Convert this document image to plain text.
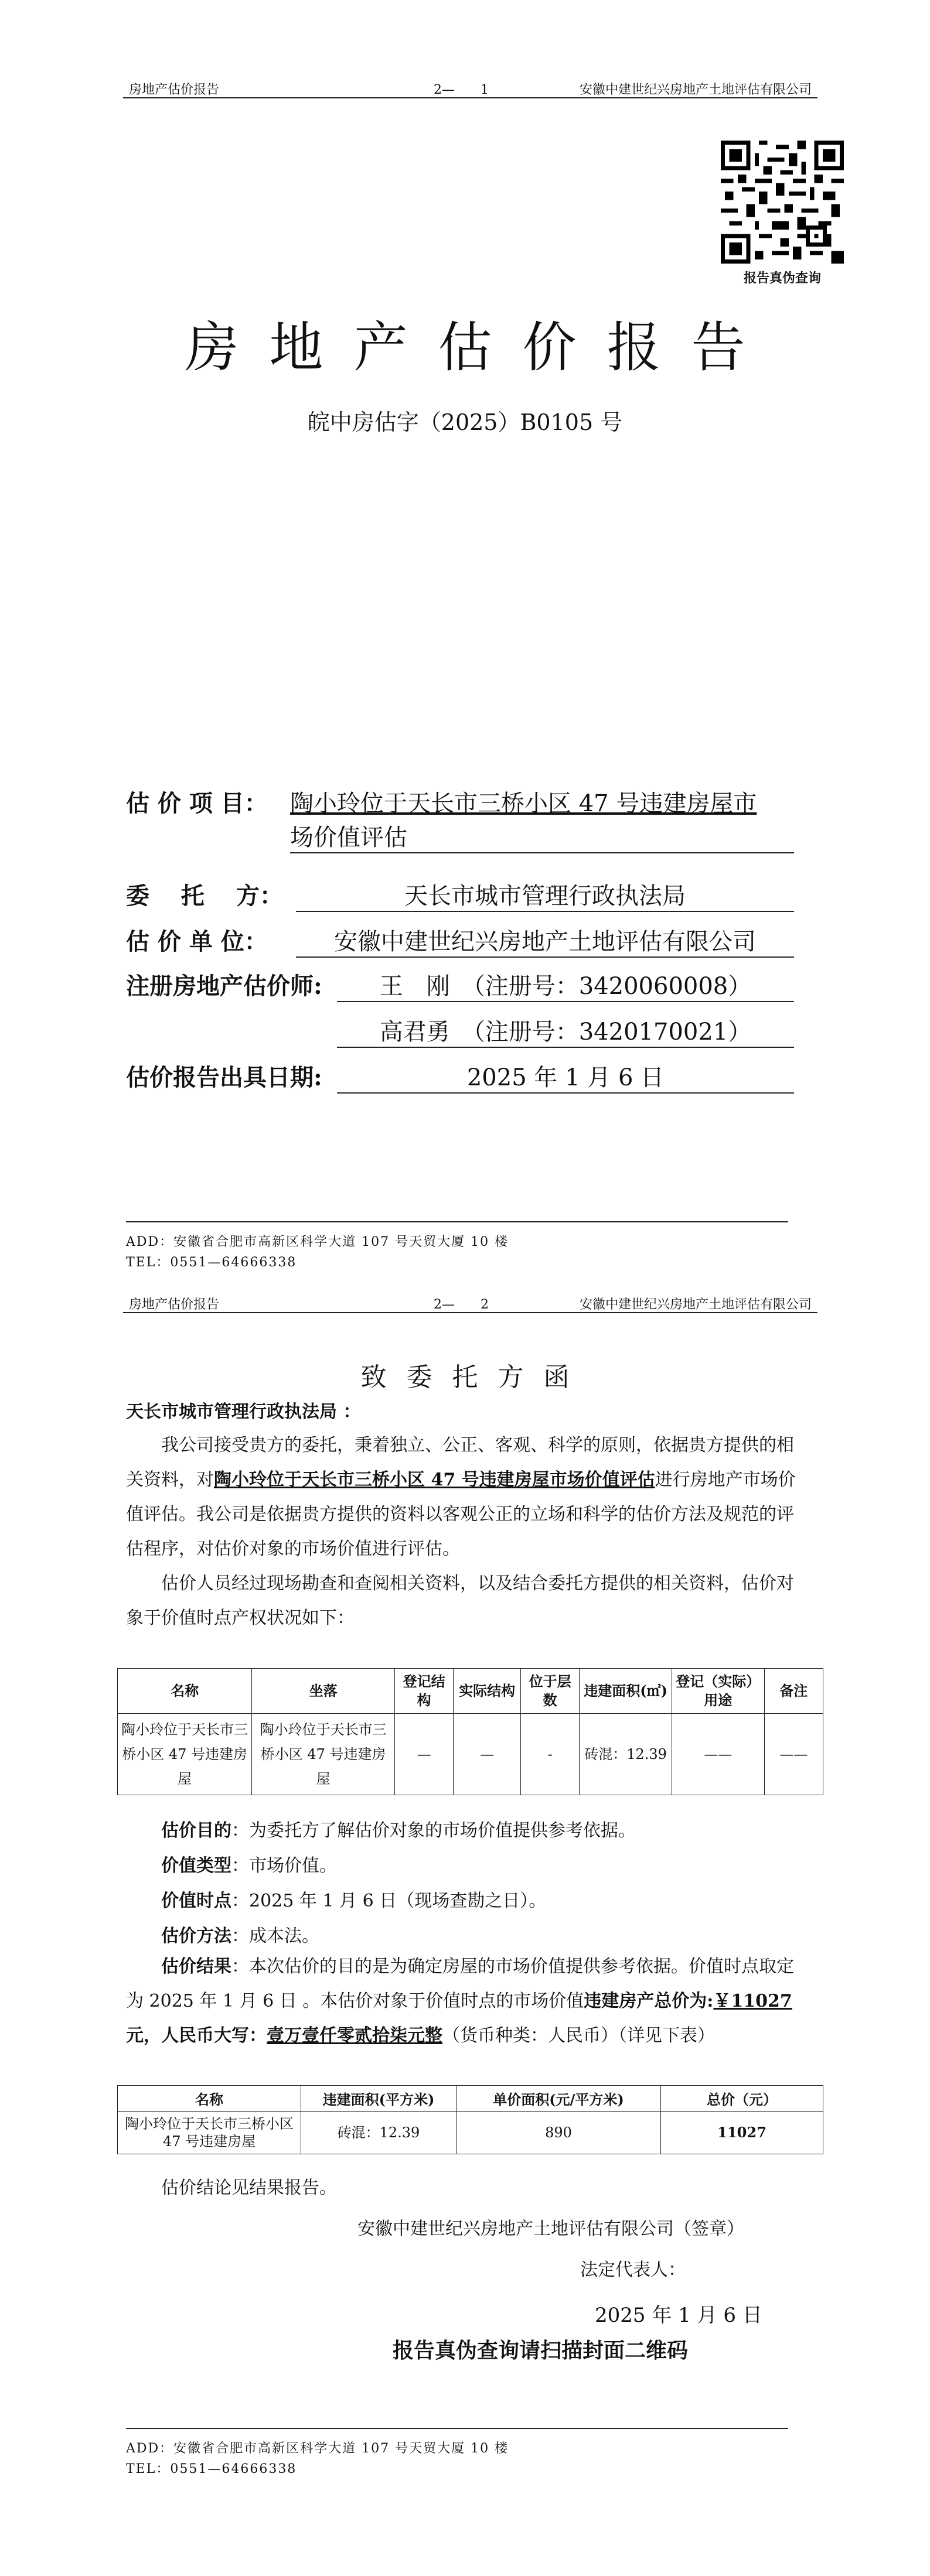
房地产估价报告	2—　　1	安徽中建世纪兴房地产土地评估有限公司
报告真伪查询
房地产估价报告
皖中房估字（2025）B0105 号
估 价 项 目： 陶小玲位于天长市三桥小区 47 号违建房屋市
场价值评估
委　 托　 方：	天长市城市管理行政执法局
估 价 单 位：	安徽中建世纪兴房地产土地评估有限公司
注册房地产估价师:	王　刚　（注册号：3420060008）
高君勇　（注册号：3420170021）
估价报告出具日期:	2025 年 1 月 6 日
ADD：安徽省合肥市高新区科学大道 107 号天贸大厦 10 楼
TEL：0551—64666338
房地产估价报告	2—　　2	安徽中建世纪兴房地产土地评估有限公司
致委托方函
天长市城市管理行政执法局 ：

我公司接受贵方的委托，秉着独立、公正、客观、科学的原则，依据贵方提供的相关资料，对陶小玲位于天长市三桥小区 47 号违建房屋市场价值评估进行房地产市场价值评估。我公司是依据贵方提供的资料以客观公正的立场和科学的估价方法及规范的评估程序，对估价对象的市场价值进行评估。

估价人员经过现场勘查和查阅相关资料，以及结合委托方提供的相关资料，估价对象于价值时点产权状况如下：

名称	坐落	登记结构	实际结构	位于层数	违建面积(㎡)	登记（实际）用途	备注
陶小玲位于天长市三桥小区 47 号违建房屋	陶小玲位于天长市三桥小区 47 号违建房屋	—	—	-	砖混：12.39	——	——
估价目的：为委托方了解估价对象的市场价值提供参考依据。
价值类型：市场价值。
价值时点：2025 年 1 月 6 日（现场查勘之日）。
估价方法：成本法。

估价结果：本次估价的目的是为确定房屋的市场价值提供参考依据。价值时点取定为 2025 年 1 月 6 日 。本估价对象于价值时点的市场价值违建房产总价为:￥11027元，人民币大写：壹万壹仟零贰拾柒元整（货币种类：人民币）（详见下表）

名称	违建面积(平方米)	单价面积(元/平方米)	总价（元）
陶小玲位于天长市三桥小区 47 号违建房屋	砖混：12.39	890	11027
估价结论见结果报告。
安徽中建世纪兴房地产土地评估有限公司（签章）
法定代表人：
2025 年 1 月 6 日
报告真伪查询请扫描封面二维码
ADD：安徽省合肥市高新区科学大道 107 号天贸大厦 10 楼
TEL：0551—64666338
